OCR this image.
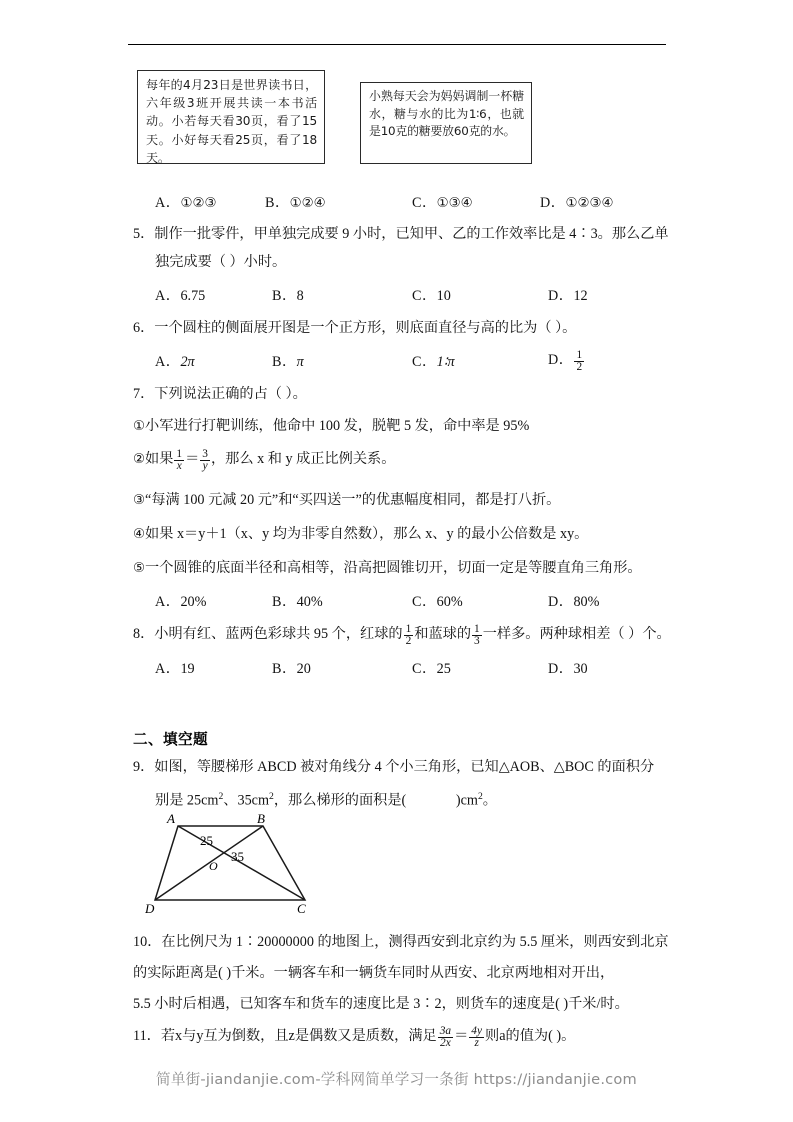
每年的4月23日是世界读书日，六年级3班开展共读一本书活动。小若每天看30页，看了15天。小好每天看25页，看了18天。
小熟每天会为妈妈调制一杯糖水，糖与水的比为1∶6，也就是10克的糖要放60克的水。
A．①②③	B．①②④	C．①③④	D．①②③④
5．制作一批零件，甲单独完成要 9 小时，已知甲、乙的工作效率比是 4∶3。那么乙单
独完成要（ ）小时。
A．6.75	B．8	C．10	D．12
6．一个圆柱的侧面展开图是一个正方形，则底面直径与高的比为（ ）。
A．2π	B．π	C．1∶π	D． $\frac{1}{2}$
7．下列说法正确的占（ ）。
①小军进行打靶训练，他命中 100 发，脱靶 5 发，命中率是 95%
②如果 $\frac{1}{x} = \frac{3}{y}$ ，那么 x 和 y 成正比例关系。
③“每满 100 元减 20 元”和“买四送一”的优惠幅度相同，都是打八折。
④如果 x＝y＋1（x、y 均为非零自然数），那么 x、y 的最小公倍数是 xy。
⑤一个圆锥的底面半径和高相等，沿高把圆锥切开，切面一定是等腰直角三角形。
A．20%	B．40%	C．60%	D．80%
8．小明有红、蓝两色彩球共 95 个，红球的 $\frac{1}{2}$ 和蓝球的 $\frac{1}{3}$ 一样多。两种球相差（ ）个。
A．19	B．20	C．25	D．30
二、填空题
9．如图，等腰梯形 ABCD 被对角线分 4 个小三角形，已知△AOB、△BOC 的面积分
别是 $25cm^2$、$35cm^2$，那么梯形的面积是(	)$cm^2$。
A	B
C
D
O
25
35
10．在比例尺为 1∶20000000 的地图上，测得西安到北京约为 5.5 厘米，则西安到北京
的实际距离是( )千米。一辆客车和一辆货车同时从西安、北京两地相对开出，
5.5 小时后相遇，已知客车和货车的速度比是 3∶2，则货车的速度是( )千米/时。
11．若x与y互为倒数，且z是偶数又是质数，满足 $\frac{3a}{2x} = \frac{4y}{z}$ 则a的值为( )。
简单街-jiandanjie.com-学科网简单学习一条街 https://jiandanjie.com
